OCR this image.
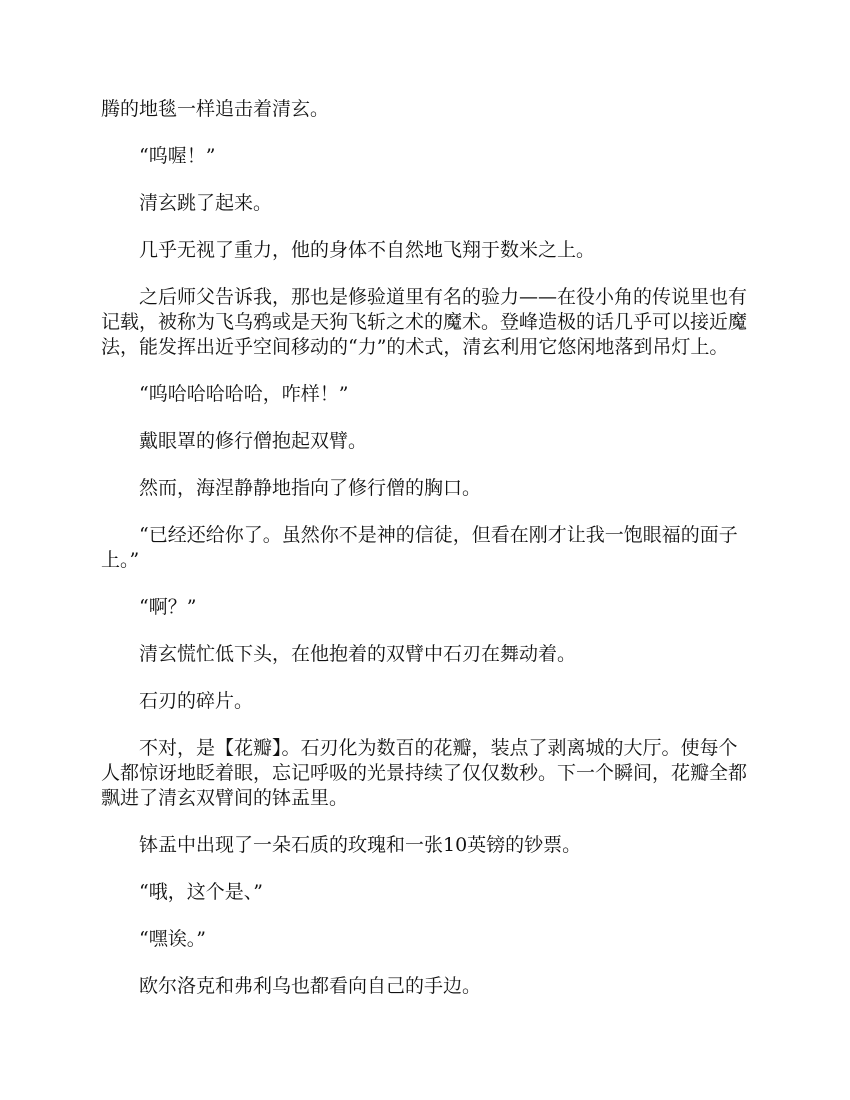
腾的地毯一样追击着清玄。

“呜喔！”

清玄跳了起来。

几乎无视了重力，他的身体不自然地飞翔于数米之上。

之后师父告诉我，那也是修验道里有名的验力——在役小角的传说里也有记载，被称为飞乌鸦或是天狗飞斩之术的魔术。登峰造极的话几乎可以接近魔法，能发挥出近乎空间移动的“力”的术式，清玄利用它悠闲地落到吊灯上。

“呜哈哈哈哈哈，咋样！”

戴眼罩的修行僧抱起双臂。

然而，海涅静静地指向了修行僧的胸口。

“已经还给你了。虽然你不是神的信徒，但看在刚才让我一饱眼福的面子上。”

“啊？”

清玄慌忙低下头，在他抱着的双臂中石刃在舞动着。

石刃的碎片。

不对，是【花瓣】。石刃化为数百的花瓣，装点了剥离城的大厅。使每个人都惊讶地眨着眼，忘记呼吸的光景持续了仅仅数秒。下一个瞬间，花瓣全都飘进了清玄双臂间的钵盂里。

钵盂中出现了一朵石质的玫瑰和一张10英镑的钞票。

“哦，这个是、”

“嘿诶。”

欧尔洛克和弗利乌也都看向自己的手边。
